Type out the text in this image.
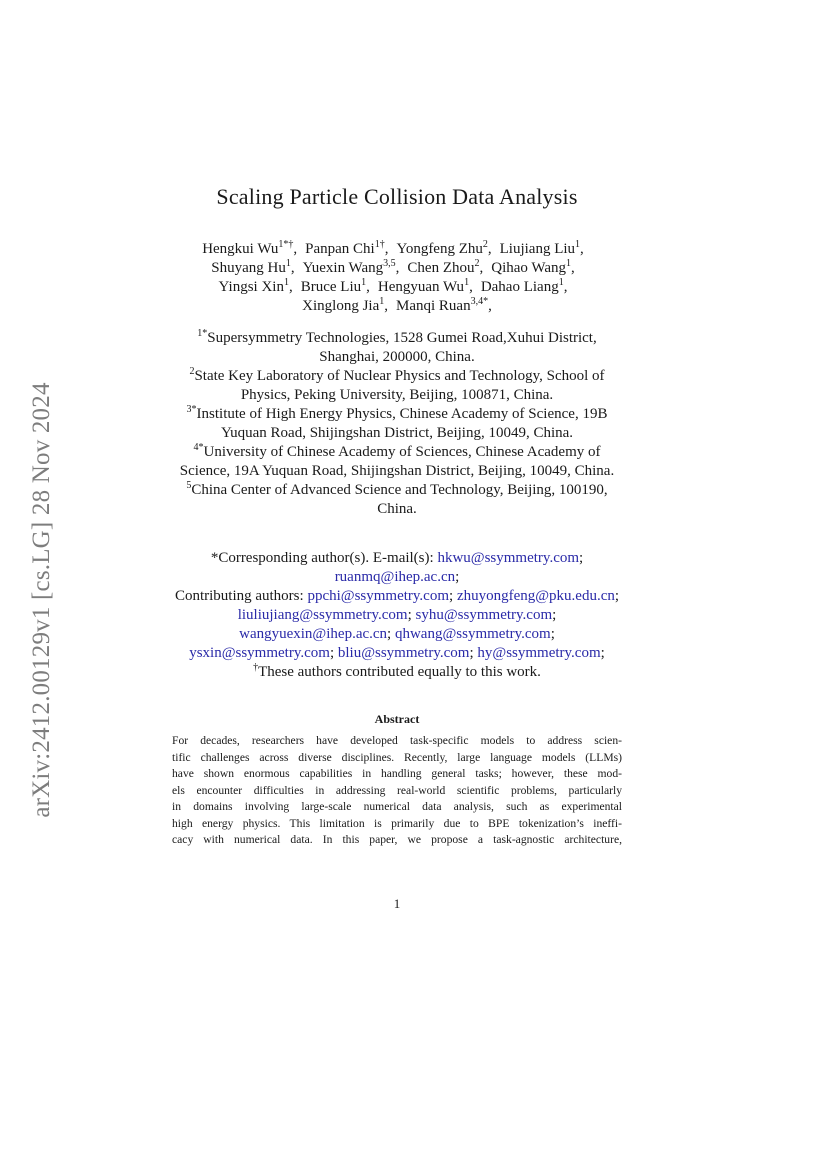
arXiv:2412.00129v1 [cs.LG] 28 Nov 2024
Scaling Particle Collision Data Analysis
Hengkui $Wu^{1*\dagger}$, Panpan Chi$^{1\dagger}$, Yongfeng Zhu$^2$, Liujiang Liu$^1$,
Shuyang Hu$^1$, Yuexin Wang$^{3,5}$, Chen Zhou$^2$, Qihao Wang$^1$,
Yingsi Xin$^1$, Bruce Liu$^1$, Hengyuan Wu$^1$, Dahao Liang$^1$,
Xinglong Jia$^1$, Manqi Ruan$^{3,4*}$,
$^{1*}$Supersymmetry Technologies, 1528 Gumei Road,Xuhui District,
Shanghai, 200000, China.
$^2$State Key Laboratory of Nuclear Physics and Technology, School of
Physics, Peking University, Beijing, 100871, China.
$^{3*}$Institute of High Energy Physics, Chinese Academy of Science, 19B
Yuquan Road, Shijingshan District, Beijing, 10049, China.
$^{4*}$University of Chinese Academy of Sciences, Chinese Academy of
Science, 19A Yuquan Road, Shijingshan District, Beijing, 10049, China.
$^5$China Center of Advanced Science and Technology, Beijing, 100190,
China.
*Corresponding author(s). E-mail(s): hkwu@ssymmetry.com;
ruanmq@ihep.ac.cn;
Contributing authors: ppchi@ssymmetry.com; zhuyongfeng@pku.edu.cn;
liuliujiang@ssymmetry.com; syhu@ssymmetry.com;
wangyuexin@ihep.ac.cn; qhwang@ssymmetry.com;
ysxin@ssymmetry.com; bliu@ssymmetry.com; hy@ssymmetry.com;
†These authors contributed equally to this work.
Abstract
For decades, researchers have developed task-specific models to address scien-
tific challenges across diverse disciplines. Recently, large language models (LLMs)
have shown enormous capabilities in handling general tasks; however, these mod-
els encounter difficulties in addressing real-world scientific problems, particularly
in domains involving large-scale numerical data analysis, such as experimental
high energy physics. This limitation is primarily due to BPE tokenization’s ineffi-
cacy with numerical data. In this paper, we propose a task-agnostic architecture,
1
